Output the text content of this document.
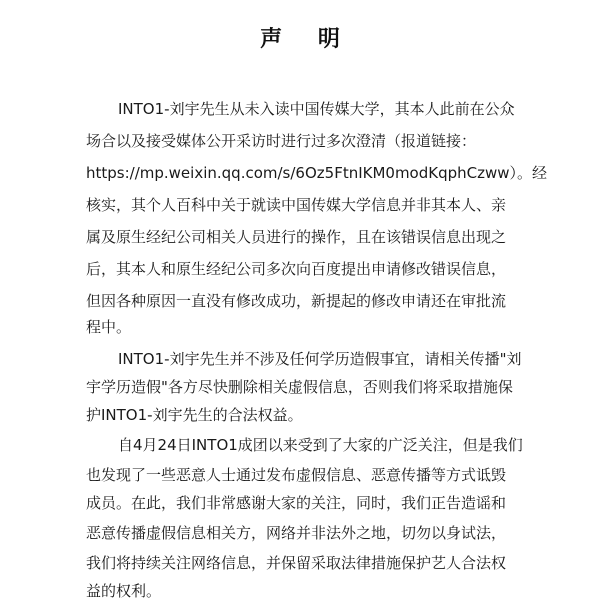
声 明
INTO1-刘宇先生从未入读中国传媒大学，其本人此前在公众
场合以及接受媒体公开采访时进行过多次澄清（报道链接：
https://mp.weixin.qq.com/s/6Oz5FtnIKM0modKqphCzww）。经
核实，其个人百科中关于就读中国传媒大学信息并非其本人、亲
属及原生经纪公司相关人员进行的操作，且在该错误信息出现之
后，其本人和原生经纪公司多次向百度提出申请修改错误信息，
但因各种原因一直没有修改成功，新提起的修改申请还在审批流
程中。
INTO1-刘宇先生并不涉及任何学历造假事宜，请相关传播"刘
宇学历造假"各方尽快删除相关虚假信息，否则我们将采取措施保
护INTO1-刘宇先生的合法权益。
自4月24日INTO1成团以来受到了大家的广泛关注，但是我们
也发现了一些恶意人士通过发布虚假信息、恶意传播等方式诋毁
成员。在此，我们非常感谢大家的关注，同时，我们正告造谣和
恶意传播虚假信息相关方，网络并非法外之地，切勿以身试法，
我们将持续关注网络信息，并保留采取法律措施保护艺人合法权
益的权利。
